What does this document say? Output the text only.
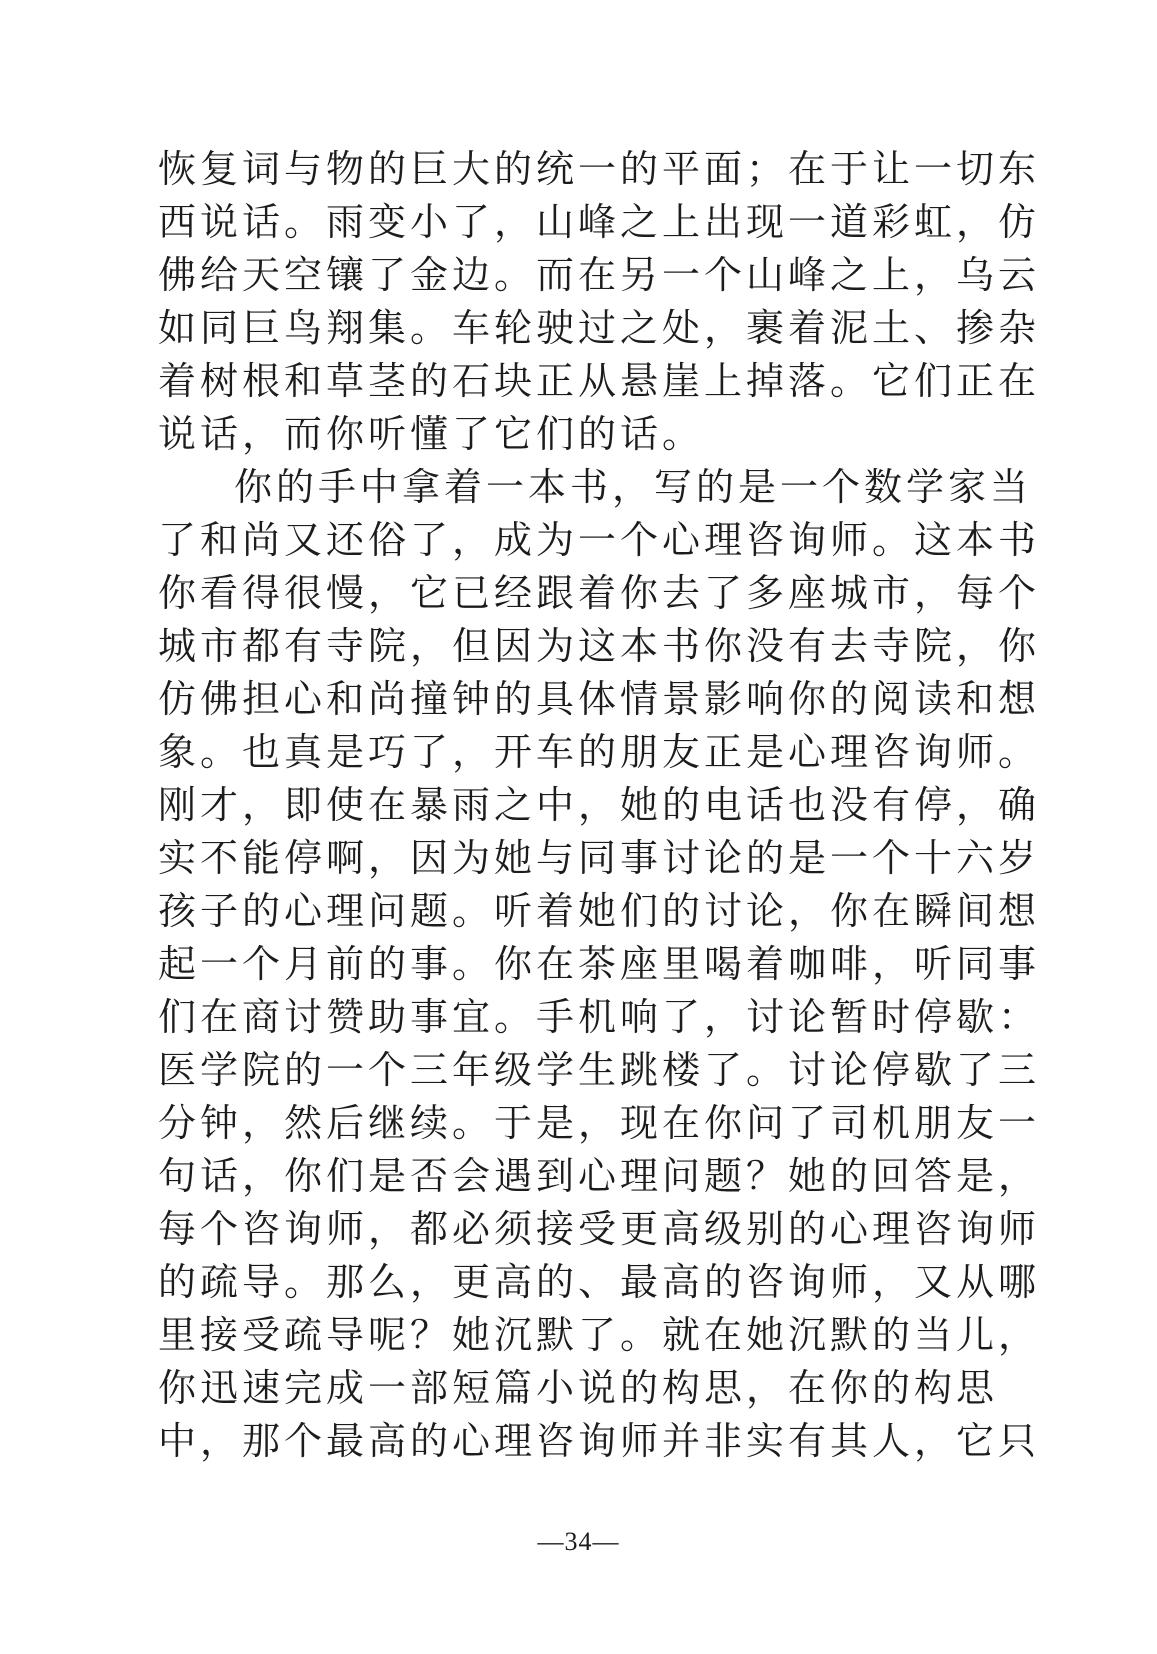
恢复词与物的巨大的统一的平面；在于让一切东
西说话。雨变小了，山峰之上出现一道彩虹，仿
佛给天空镶了金边。而在另一个山峰之上，乌云
如同巨鸟翔集。车轮驶过之处，裹着泥土、掺杂
着树根和草茎的石块正从悬崖上掉落。它们正在
说话，而你听懂了它们的话。
你的手中拿着一本书，写的是一个数学家当
了和尚又还俗了，成为一个心理咨询师。这本书
你看得很慢，它已经跟着你去了多座城市，每个
城市都有寺院，但因为这本书你没有去寺院，你
仿佛担心和尚撞钟的具体情景影响你的阅读和想
象。也真是巧了，开车的朋友正是心理咨询师。
刚才，即使在暴雨之中，她的电话也没有停，确
实不能停啊，因为她与同事讨论的是一个十六岁
孩子的心理问题。听着她们的讨论，你在瞬间想
起一个月前的事。你在茶座里喝着咖啡，听同事
们在商讨赞助事宜。手机响了，讨论暂时停歇：
医学院的一个三年级学生跳楼了。讨论停歇了三
分钟，然后继续。于是，现在你问了司机朋友一
句话，你们是否会遇到心理问题？她的回答是，
每个咨询师，都必须接受更高级别的心理咨询师
的疏导。那么，更高的、最高的咨询师，又从哪
里接受疏导呢？她沉默了。就在她沉默的当儿，
你迅速完成一部短篇小说的构思，在你的构思
中，那个最高的心理咨询师并非实有其人，它只
—34—
